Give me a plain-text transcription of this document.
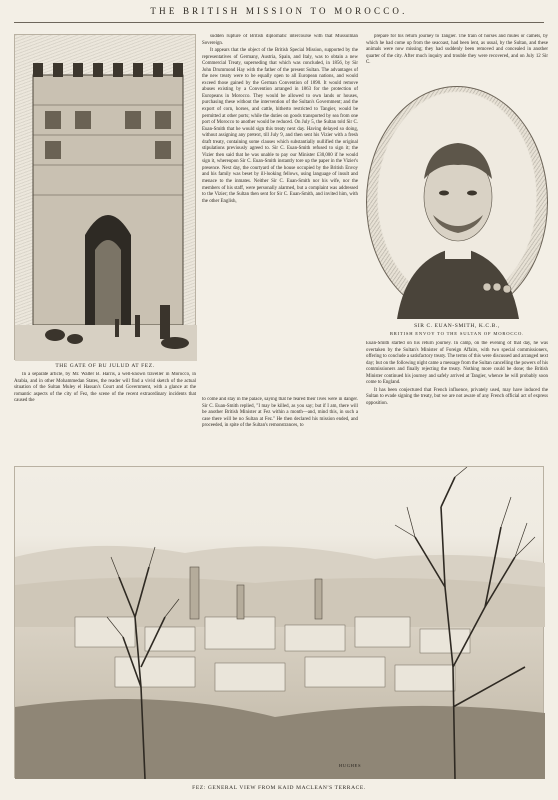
THE BRITISH MISSION TO MOROCCO.
THE GATE OF BU JULUD AT FEZ.

sudden rupture of British diplomatic intercourse with that Mussulman Sovereign.

It appears that the object of the British Special Mission, supported by the representatives of Germany, Austria, Spain, and Italy, was to obtain a new Commercial Treaty, superseding that which was concluded, in 1856, by Sir John Drummond Hay with the father of the present Sultan. The advantages of the new treaty were to be equally open to all European nations, and would exceed those gained by the German Convention of 1890. It would remove abuses existing by a Convention arranged in 1863 for the protection of Europeans in Morocco. They would be allowed to own lands or houses, purchasing these without the intervention of the Sultan's Government; and the export of corn, horses, and cattle, hitherto restricted to Tangier, would be permitted at other ports; while the duties on goods transported by sea from one port of Morocco to another would be reduced. On July 5, the Sultan told Sir C. Euan-Smith that he would sign this treaty next day. Having delayed so doing, without assigning any pretext, till July 9, and then sent his Vizier with a fresh draft treaty, containing some clauses which substantially nullified the original stipulations previously agreed to. Sir C. Euan-Smith refused to sign it; the Vizier then said that he was unable to pay our Minister £30,000 if he would sign it, whereupon Sir C. Euan-Smith instantly tore up the paper in the Vizier's presence. Next day, the courtyard of the house occupied by the British Envoy and his family was beset by ill-looking fellows, using language of insult and menace to the inmates. Neither Sir C. Euan-Smith nor his wife, nor the members of his staff, were personally alarmed, but a complaint was addressed to the Vizier; the Sultan then sent for Sir C. Euan-Smith, and invited him, with the other English,

prepare for his return journey to Tangier. The train of horses and mules or camels, by which he had come up from the seacoast, had been lent, as usual, by the Sultan, and these animals were now missing; they had suddenly been removed and concealed in another quarter of the city. After much inquiry and trouble they were recovered, and on July 12 Sir C.

SIR C. EUAN-SMITH, K.C.B.,
BRITISH ENVOY TO THE SULTAN OF MOROCCO.

Euan-Smith started on his return journey. In camp, on the evening of that day, he was overtaken by the Sultan's Minister of Foreign Affairs, with two special commissioners, offering to conclude a satisfactory treaty. The terms of this were discussed and arranged next day; but on the following night came a message from the Sultan cancelling the powers of his commissioners and finally rejecting the treaty. Nothing more could be done; the British Minister continued his journey and safely arrived at Tangier, whence he will probably soon come to England.

It has been conjectured that French influence, privately used, may have induced the Sultan to evade signing the treaty, but we are not aware of any French official act of express opposition.

In a separate article, by Mr. Walter B. Harris, a well-known traveller in Morocco, in Arabia, and in other Mohammedan States, the reader will find a vivid sketch of the actual situation of the Sultan Muley el Hassan's Court and Government, with a glance at the romantic aspects of the city of Fez, the scene of the recent extraordinary incidents that caused the	to come and stay in the palace, saying that he feared their lives were in danger. Sir C. Euan-Smith replied, "I may be killed, as you say; but if I am, there will be another British Minister at Fez within a month—and, mind this, in such a case there will be no Sultan at Fez." He then declared his mission ended, and proceeded, in spite of the Sultan's remonstrances, to

HUGHES
FEZ: GENERAL VIEW FROM KAID MACLEAN'S TERRACE.
